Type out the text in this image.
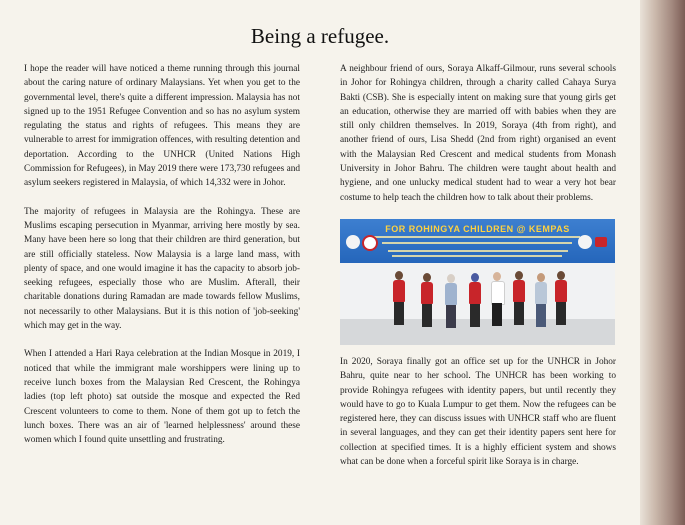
Being a refugee.

I hope the reader will have noticed a theme running through this journal about the caring nature of ordinary Malaysians. Yet when you get to the governmental level, there's quite a different impression. Malaysia has not signed up to the 1951 Refugee Convention and so has no asylum system regulating the status and rights of refugees. This means they are vulnerable to arrest for immigration offences, with resulting detention and deportation. According to the UNHCR (United Nations High Commission for Refugees), in May 2019 there were 173,730 refugees and asylum seekers registered in Malaysia, of which 14,332 were in Johor.

The majority of refugees in Malaysia are the Rohingya. These are Muslims escaping persecution in Myanmar, arriving here mostly by sea. Many have been here so long that their children are third generation, but are still officially stateless. Now Malaysia is a large land mass, with plenty of space, and one would imagine it has the capacity to absorb job-seeking refugees, especially those who are Muslim. Afterall, their charitable donations during Ramadan are made towards fellow Muslims, not necessarily to other Malaysians. But it is this notion of 'job-seeking' which may get in the way.

When I attended a Hari Raya celebration at the Indian Mosque in 2019, I noticed that while the immigrant male worshippers were lining up to receive lunch boxes from the Malaysian Red Crescent, the Rohingya ladies (top left photo) sat outside the mosque and expected the Red Crescent volunteers to come to them. None of them got up to fetch the lunch boxes. There was an air of 'learned helplessness' around these women which I found quite unsettling and frustrating.

A neighbour friend of ours, Soraya Alkaff-Gilmour, runs several schools in Johor for Rohingya children, through a charity called Cahaya Surya Bakti (CSB). She is especially intent on making sure that young girls get an education, otherwise they are married off with babies when they are still only children themselves. In 2019, Soraya (4th from right), and another friend of ours, Lisa Shedd (2nd from right) organised an event with the Malaysian Red Crescent and medical students from Monash University in Johor Bahru. The children were taught about health and hygiene, and one unlucky medical student had to wear a very hot bear costume to help teach the children how to talk about their problems.

FOR ROHINGYA CHILDREN @ KEMPAS

In 2020, Soraya finally got an office set up for the UNHCR in Johor Bahru, quite near to her school. The UNHCR has been working to provide Rohingya refugees with identity papers, but until recently they would have to go to Kuala Lumpur to get them. Now the refugees can be registered here, they can discuss issues with UNHCR staff who are fluent in several languages, and they can get their identity papers sent here for collection at specified times. It is a highly efficient system and shows what can be done when a forceful spirit like Soraya is in charge.
